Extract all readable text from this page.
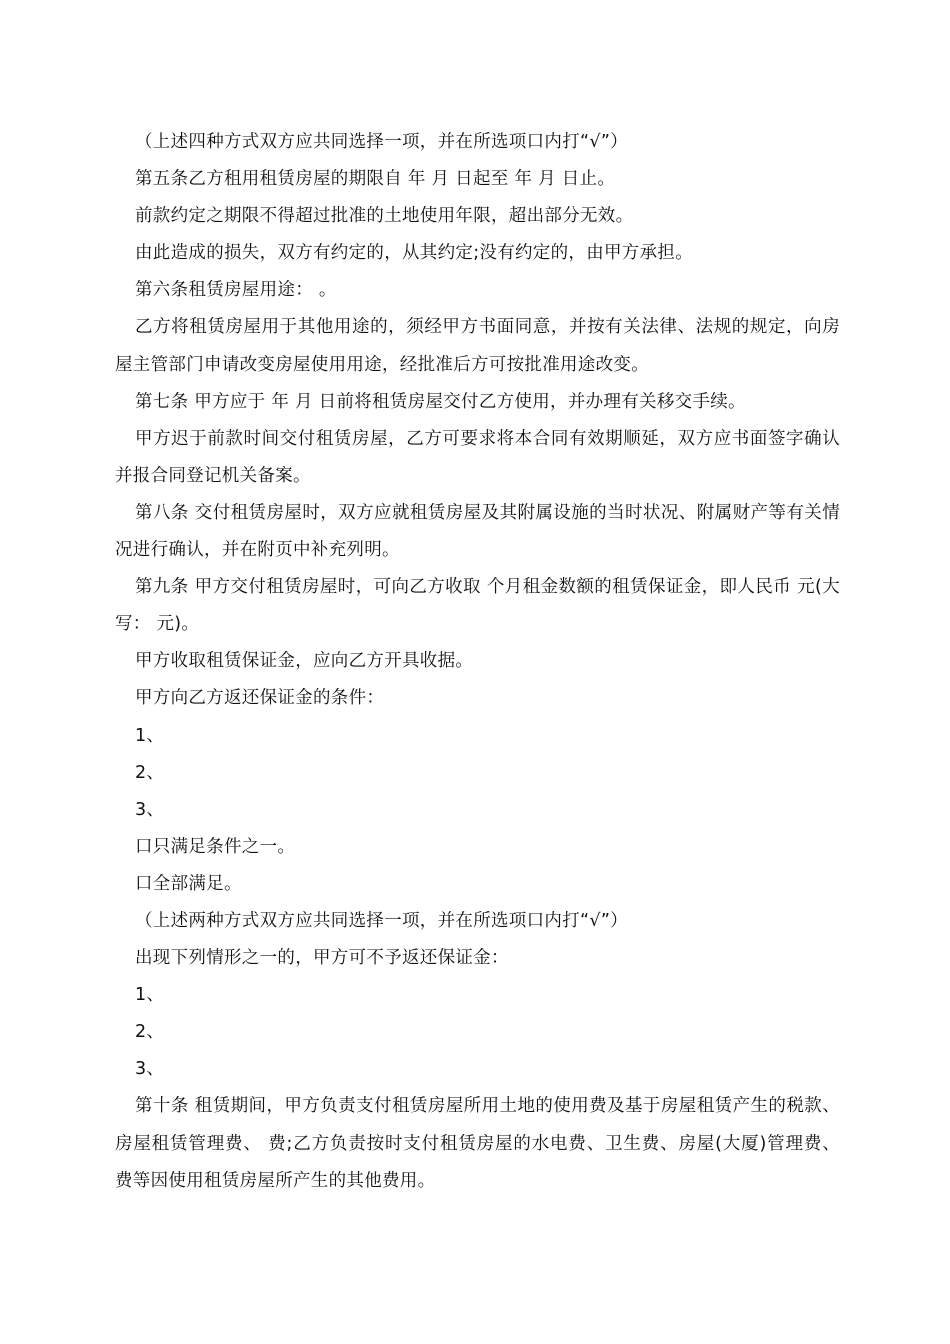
（上述四种方式双方应共同选择一项，并在所选项口内打“√”）

第五条乙方租用租赁房屋的期限自 年 月 日起至 年 月 日止。

前款约定之期限不得超过批准的土地使用年限，超出部分无效。

由此造成的损失，双方有约定的，从其约定;没有约定的，由甲方承担。

第六条租赁房屋用途： 。

乙方将租赁房屋用于其他用途的，须经甲方书面同意，并按有关法律、法规的规定，向房屋主管部门申请改变房屋使用用途，经批准后方可按批准用途改变。

第七条 甲方应于 年 月 日前将租赁房屋交付乙方使用，并办理有关移交手续。

甲方迟于前款时间交付租赁房屋，乙方可要求将本合同有效期顺延，双方应书面签字确认并报合同登记机关备案。

第八条 交付租赁房屋时，双方应就租赁房屋及其附属设施的当时状况、附属财产等有关情况进行确认，并在附页中补充列明。

第九条 甲方交付租赁房屋时，可向乙方收取 个月租金数额的租赁保证金，即人民币 元(大写： 元)。

甲方收取租赁保证金，应向乙方开具收据。

甲方向乙方返还保证金的条件：

1、

2、

3、

口只满足条件之一。

口全部满足。

（上述两种方式双方应共同选择一项，并在所选项口内打“√”）

出现下列情形之一的，甲方可不予返还保证金：

1、

2、

3、

第十条 租赁期间，甲方负责支付租赁房屋所用土地的使用费及基于房屋租赁产生的税款、房屋租赁管理费、 费;乙方负责按时支付租赁房屋的水电费、卫生费、房屋(大厦)管理费、 费等因使用租赁房屋所产生的其他费用。
